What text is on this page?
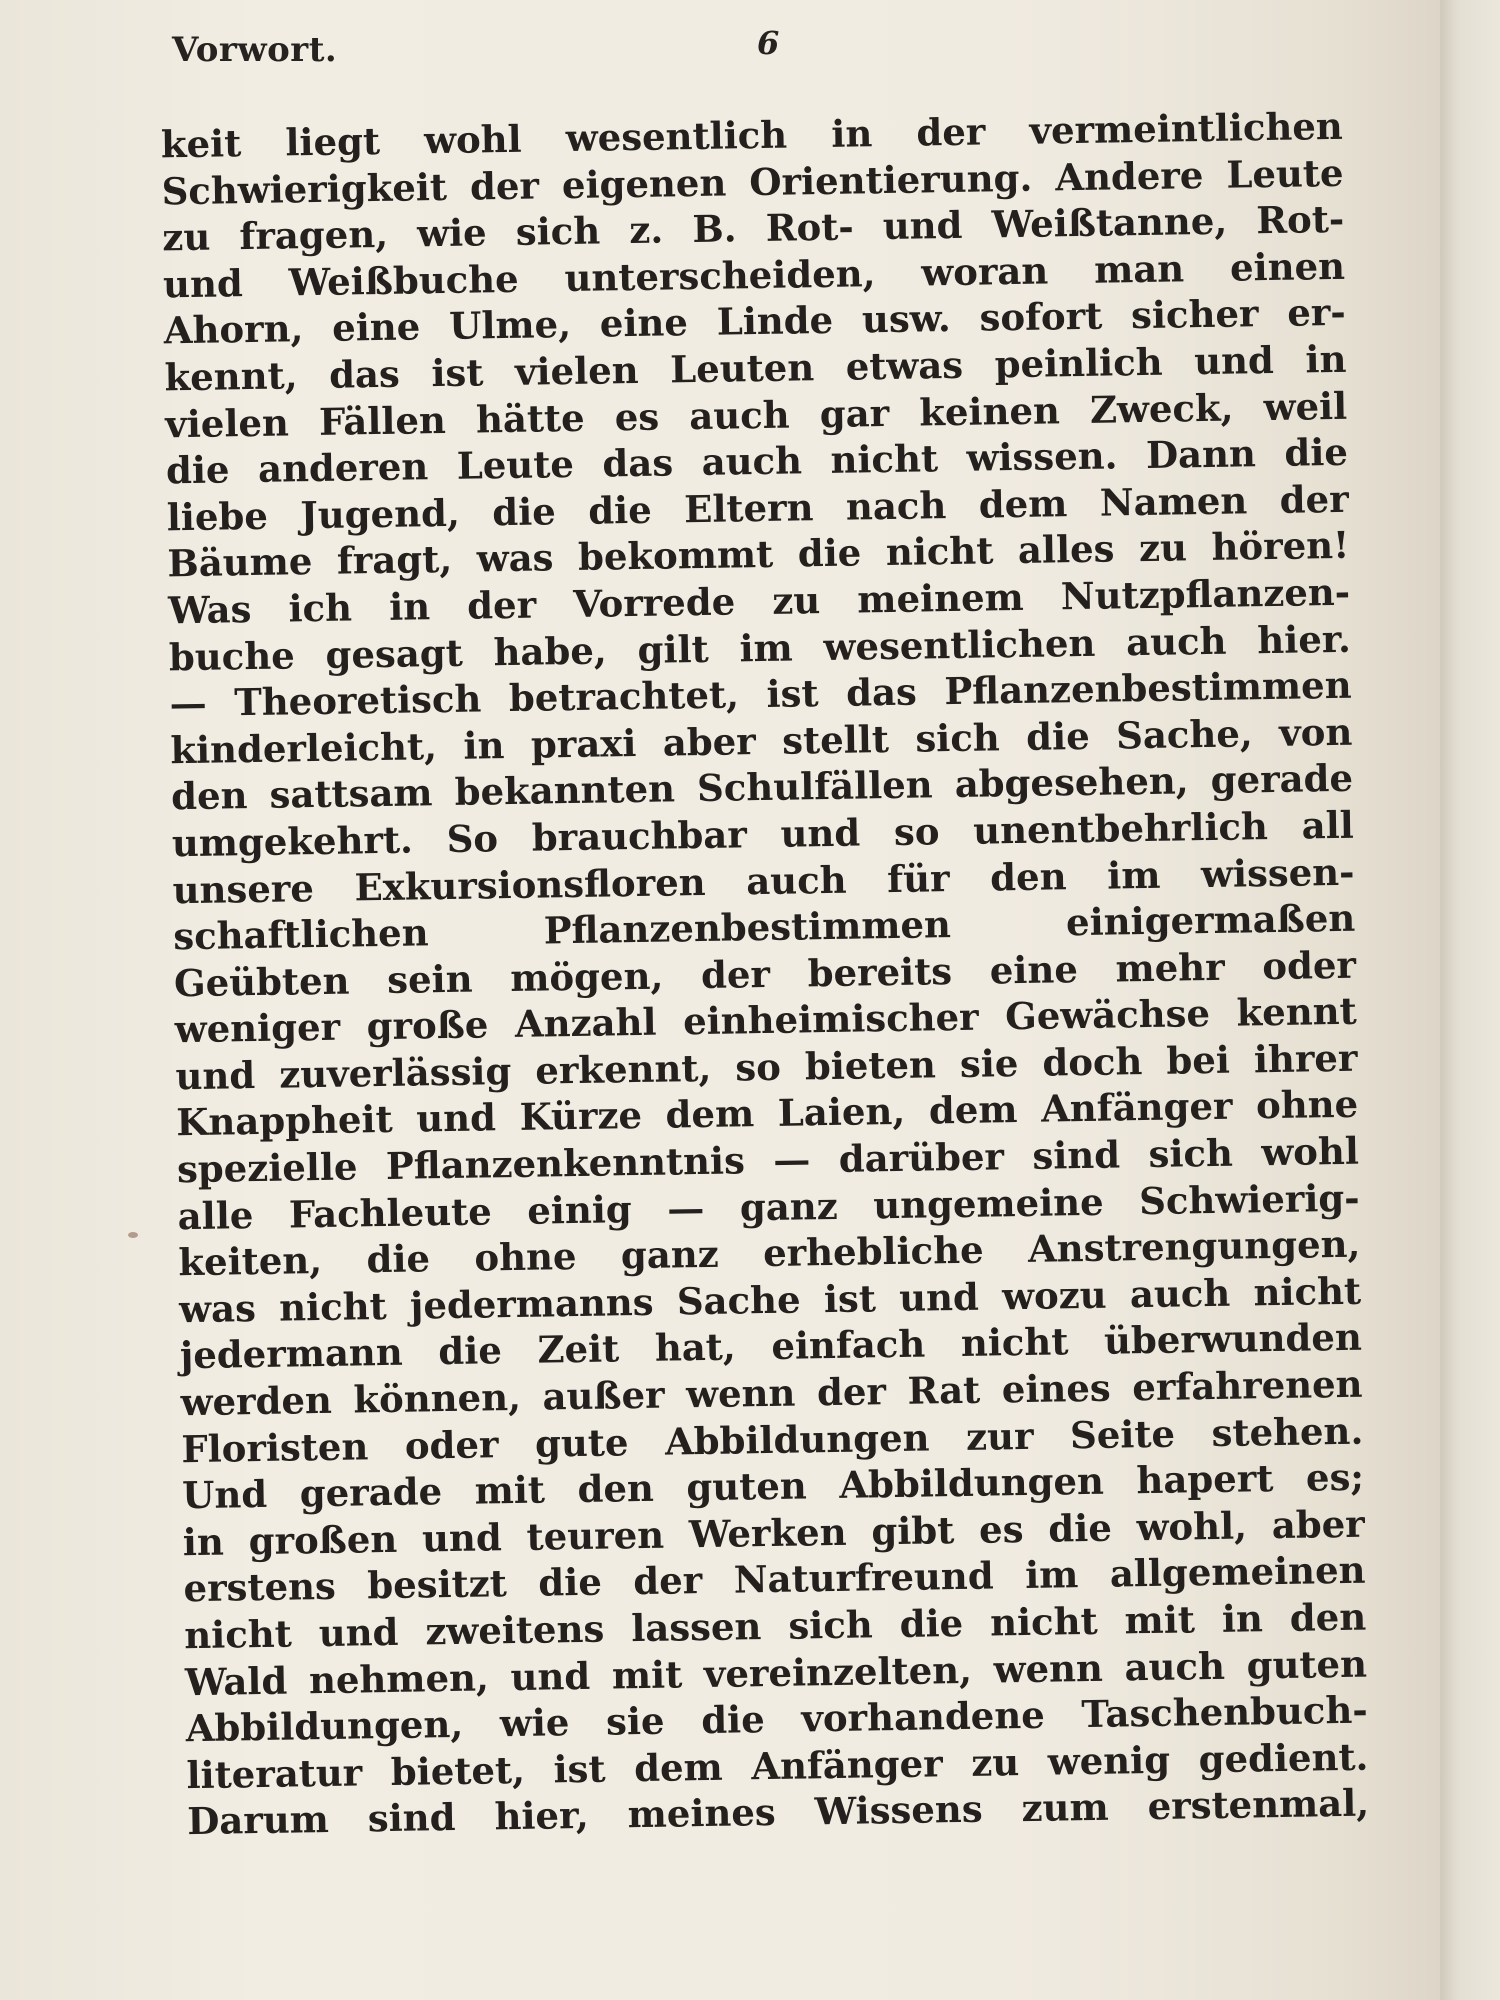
Vorwort.	6
keit liegt wohl wesentlich in der vermeintlichen
Schwierigkeit der eigenen Orientierung. Andere Leute
zu fragen, wie sich z. B. Rot- und Weißtanne, Rot-
und Weißbuche unterscheiden, woran man einen
Ahorn, eine Ulme, eine Linde usw. sofort sicher er-
kennt, das ist vielen Leuten etwas peinlich und in
vielen Fällen hätte es auch gar keinen Zweck, weil
die anderen Leute das auch nicht wissen. Dann die
liebe Jugend, die die Eltern nach dem Namen der
Bäume fragt, was bekommt die nicht alles zu hören!
Was ich in der Vorrede zu meinem Nutzpflanzen-
buche gesagt habe, gilt im wesentlichen auch hier.
— Theoretisch betrachtet, ist das Pflanzenbestimmen
kinderleicht, in praxi aber stellt sich die Sache, von
den sattsam bekannten Schulfällen abgesehen, gerade
umgekehrt. So brauchbar und so unentbehrlich all
unsere Exkursionsfloren auch für den im wissen-
schaftlichen Pflanzenbestimmen einigermaßen
Geübten sein mögen, der bereits eine mehr oder
weniger große Anzahl einheimischer Gewächse kennt
und zuverlässig erkennt, so bieten sie doch bei ihrer
Knappheit und Kürze dem Laien, dem Anfänger ohne
spezielle Pflanzenkenntnis — darüber sind sich wohl
alle Fachleute einig — ganz ungemeine Schwierig-
keiten, die ohne ganz erhebliche Anstrengungen,
was nicht jedermanns Sache ist und wozu auch nicht
jedermann die Zeit hat, einfach nicht überwunden
werden können, außer wenn der Rat eines erfahrenen
Floristen oder gute Abbildungen zur Seite stehen.
Und gerade mit den guten Abbildungen hapert es;
in großen und teuren Werken gibt es die wohl, aber
erstens besitzt die der Naturfreund im allgemeinen
nicht und zweitens lassen sich die nicht mit in den
Wald nehmen, und mit vereinzelten, wenn auch guten
Abbildungen, wie sie die vorhandene Taschenbuch-
literatur bietet, ist dem Anfänger zu wenig gedient.
Darum sind hier, meines Wissens zum erstenmal,
